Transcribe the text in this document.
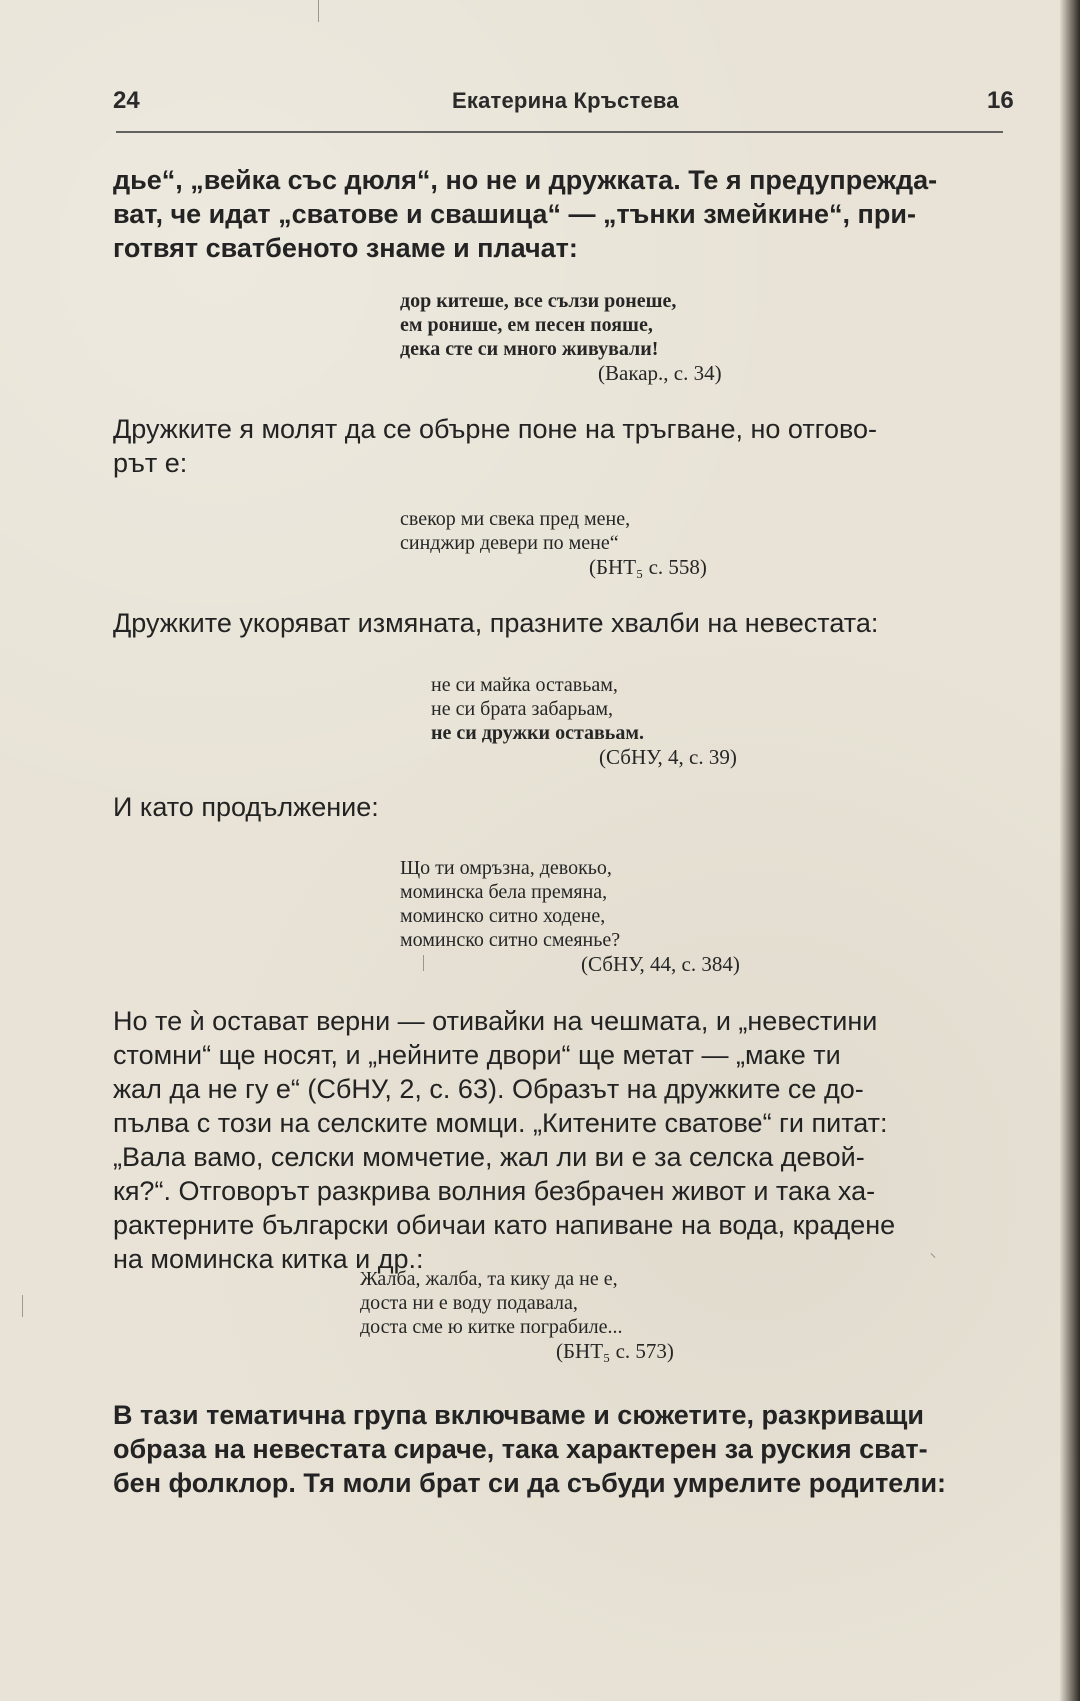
24	Екатерина Кръстева	16
дье“, „вейка със дюля“, но не и дружката. Те я предупрежда-
ват, че идат „сватове и свашица“ — „тънки змейкине“, при-
готвят сватбеното знаме и плачат:
дор китеше, все сълзи ронеше,
ем ронише, ем песен пояше,
дека сте си много живували!
(Вакар., с. 34)
Дружките я молят да се обърне поне на тръгване, но отгово-
рът е:
свекор ми свека пред мене,
синджир девери по мене“
(БНТ₅ с. 558)
Дружките укоряват измяната, празните хвалби на невестата:
не си майка оставьам,
не си брата забарьам,
не си дружки оставьам.
(СбНУ, 4, с. 39)
И като продължение:
Що ти омръзна, девокьо,
моминска бела премяна,
моминско ситно ходене,
моминско ситно смеянье?
(СбНУ, 44, с. 384)
Но те ѝ остават верни — отивайки на чешмата, и „невестини
стомни“ ще носят, и „нейните двори“ ще метат — „маке ти
жал да не гу е“ (СбНУ, 2, с. 63). Образът на дружките се до-
пълва с този на селските момци. „Китените сватове“ ги питат:
„Вала вамо, селски момчетие, жал ли ви е за селска девой-
кя?“. Отговорът разкрива волния безбрачен живот и така ха-
рактерните български обичаи като напиване на вода, крадене
на моминска китка и др.:
Жалба, жалба, та кику да не е,
доста ни е воду подавала,
доста сме ю китке пограбиле...
(БНТ₅ с. 573)
В тази тематична група включваме и сюжетите, разкриващи
образа на невестата сираче, така характерен за руския сват-
бен фолклор. Тя моли брат си да събуди умрелите родители:
